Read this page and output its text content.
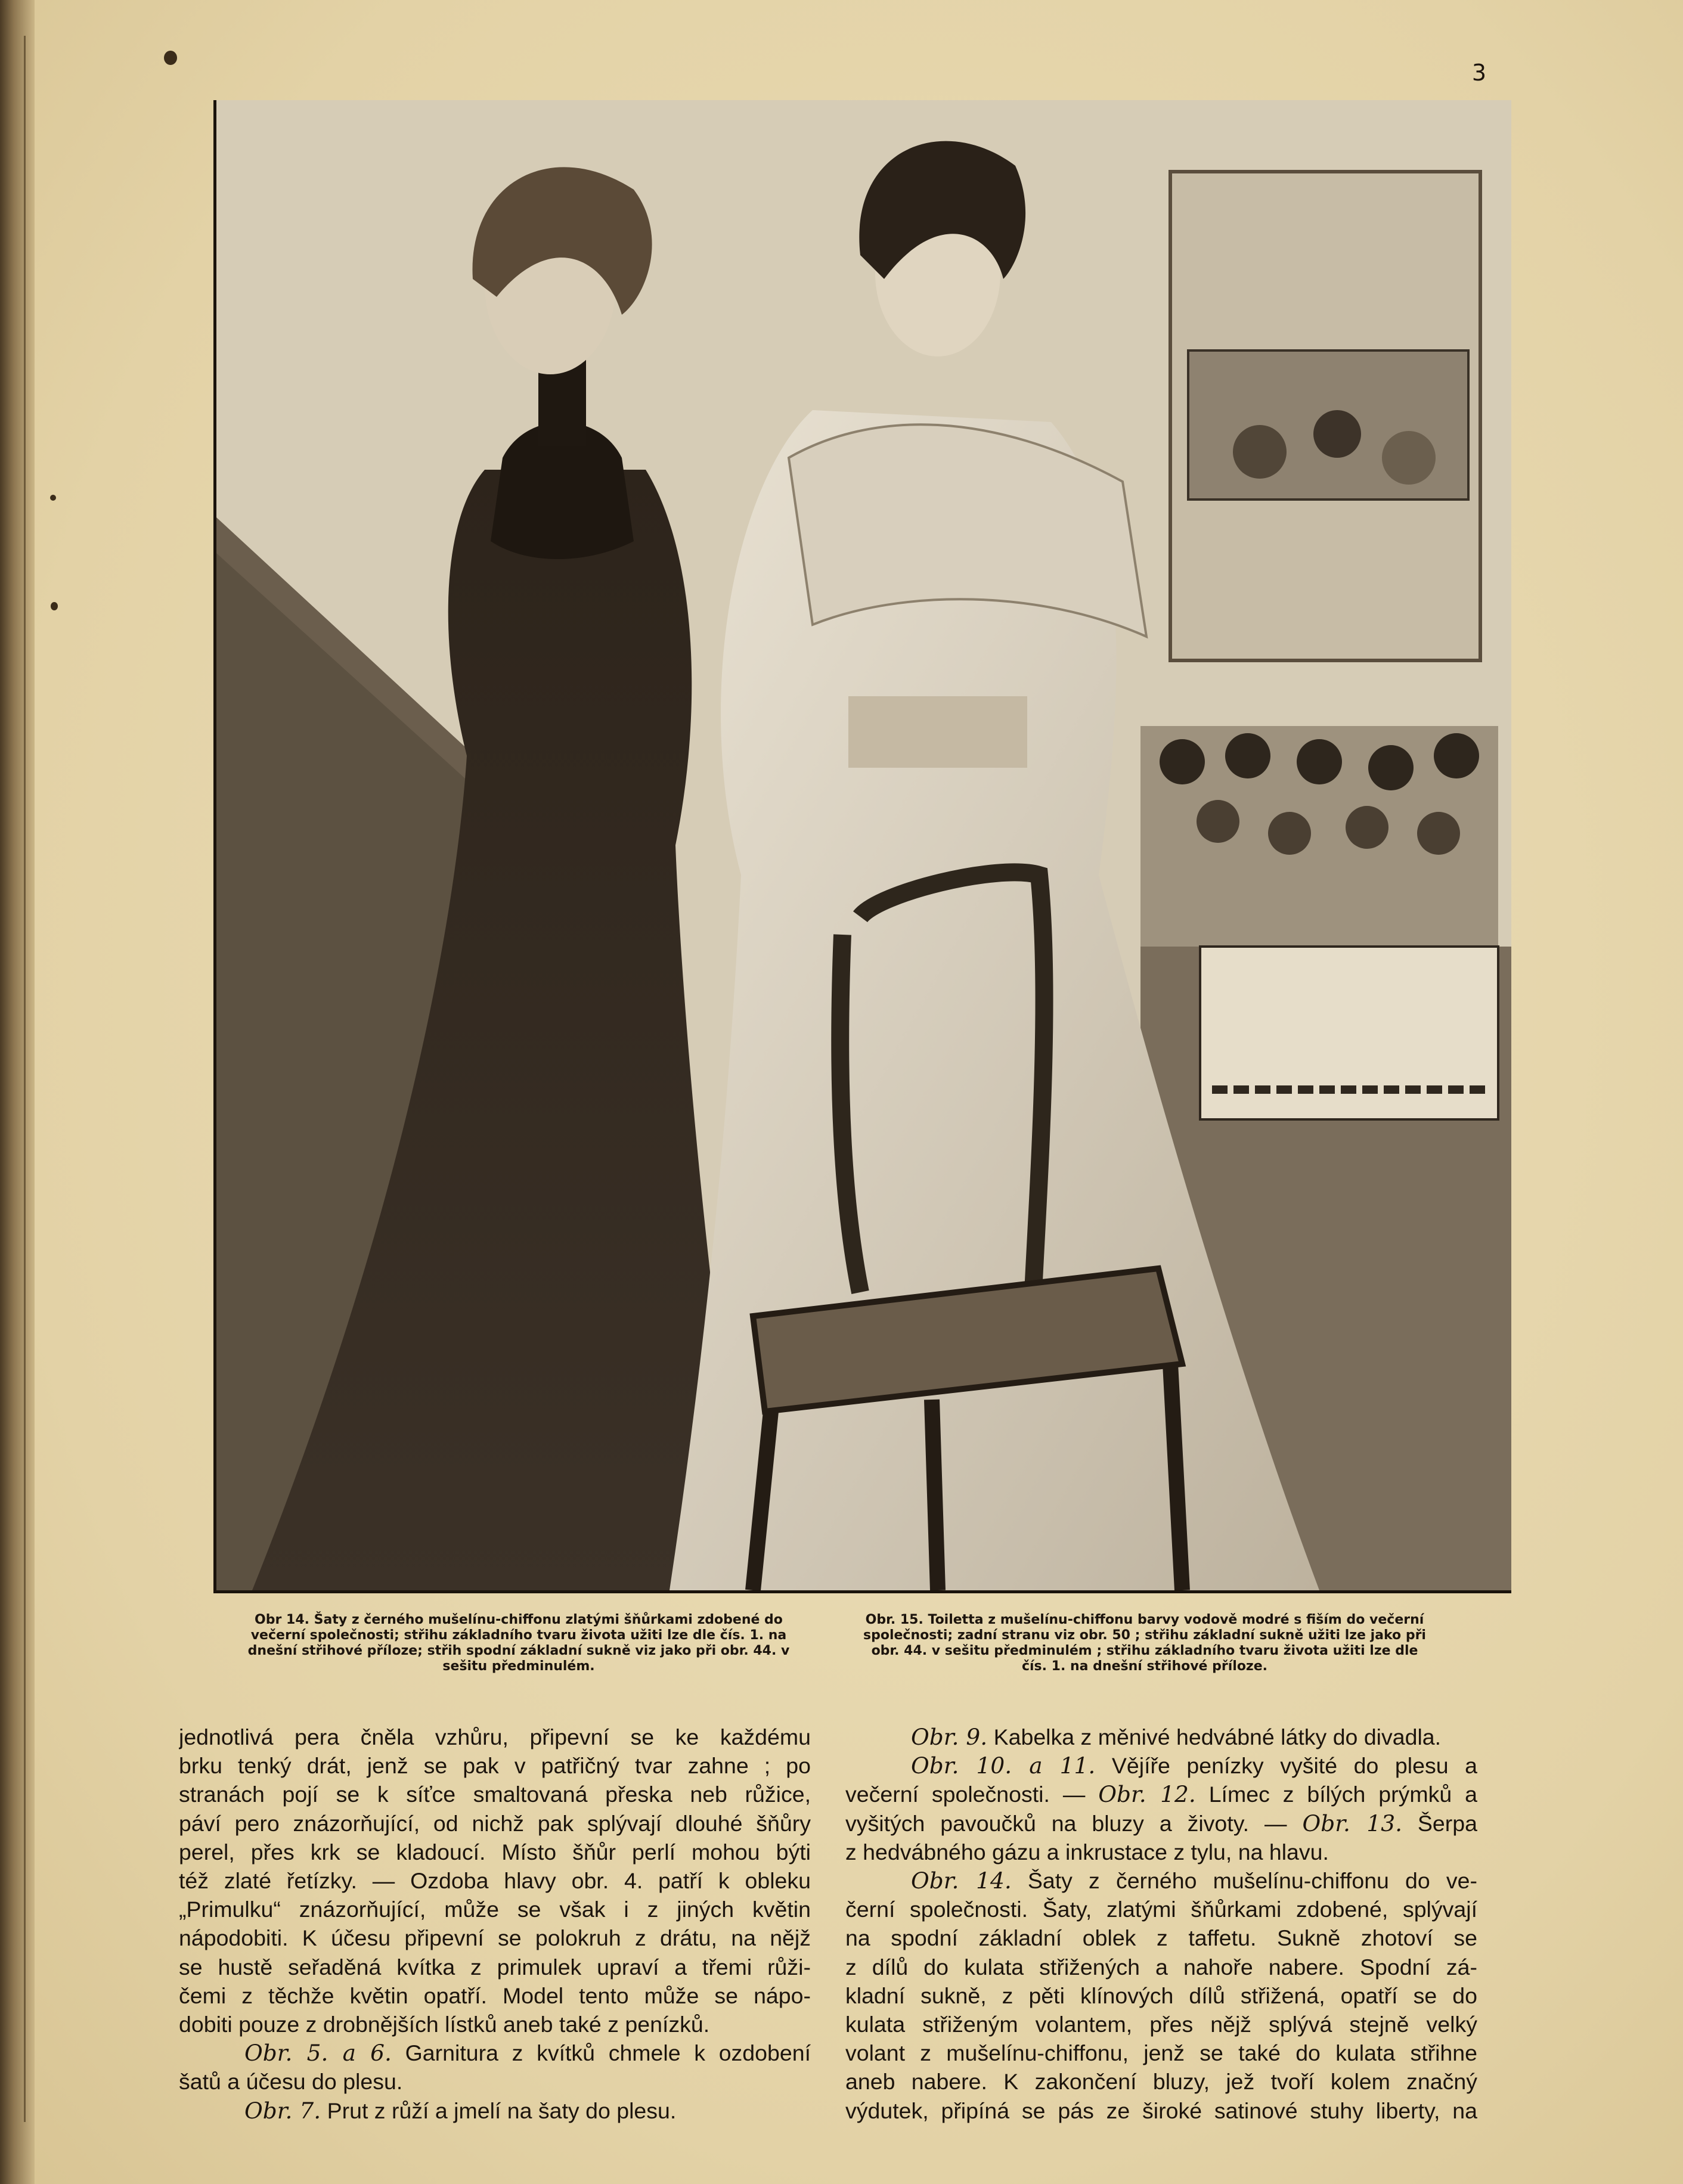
3
Obr 14. Šaty z černého mušelínu-chiffonu zlatými šňůrkami zdobené do večerní společnosti; střihu základního tvaru života užiti lze dle čís. 1. na dnešní střihové příloze; střih spodní základní sukně viz jako při obr. 44. v sešitu předminulém.
Obr. 15. Toiletta z mušelínu-chiffonu barvy vodově modré s fiším do večerní společnosti; zadní stranu viz obr. 50 ; střihu základní sukně užiti lze jako při obr. 44. v sešitu předminulém ; střihu základního tvaru života užiti lze dle čís. 1. na dnešní střihové příloze.
jednotlivá pera čněla vzhůru, připevní se ke každému
brku tenký drát, jenž se pak v patřičný tvar zahne ; po
stranách pojí se k síťce smaltovaná přeska neb růžice,
páví pero znázorňující, od nichž pak splývají dlouhé šňůry
perel, přes krk se kladoucí. Místo šňůr perlí mohou býti
též zlaté řetízky. — Ozdoba hlavy obr. 4. patří k obleku
„Primulku“ znázorňující, může se však i z jiných květin
nápodobiti. K účesu připevní se polokruh z drátu, na nějž
se hustě seřaděná kvítka z primulek upraví a třemi růži-
čemi z těchže květin opatří. Model tento může se nápo-
dobiti pouze z drobnějších lístků aneb také z penízků.
Obr. 5. a 6. Garnitura z kvítků chmele k ozdobení
šatů a účesu do plesu.
Obr. 7. Prut z růží a jmelí na šaty do plesu.
Obr. 9. Kabelka z měnivé hedvábné látky do divadla.
Obr. 10. a 11. Vějíře penízky vyšité do plesu a
večerní společnosti. — Obr. 12. Límec z bílých prýmků a
vyšitých pavoučků na bluzy a životy. — Obr. 13. Šerpa
z hedvábného gázu a inkrustace z tylu, na hlavu.
Obr. 14. Šaty z černého mušelínu-chiffonu do ve-
černí společnosti. Šaty, zlatými šňůrkami zdobené, splývají
na spodní základní oblek z taffetu. Sukně zhotoví se
z dílů do kulata střižených a nahoře nabere. Spodní zá-
kladní sukně, z pěti klínových dílů střižená, opatří se do
kulata střiženým volantem, přes nějž splývá stejně velký
volant z mušelínu-chiffonu, jenž se také do kulata střihne
aneb nabere. K zakončení bluzy, jež tvoří kolem značný
výdutek, připíná se pás ze široké satinové stuhy liberty, na
